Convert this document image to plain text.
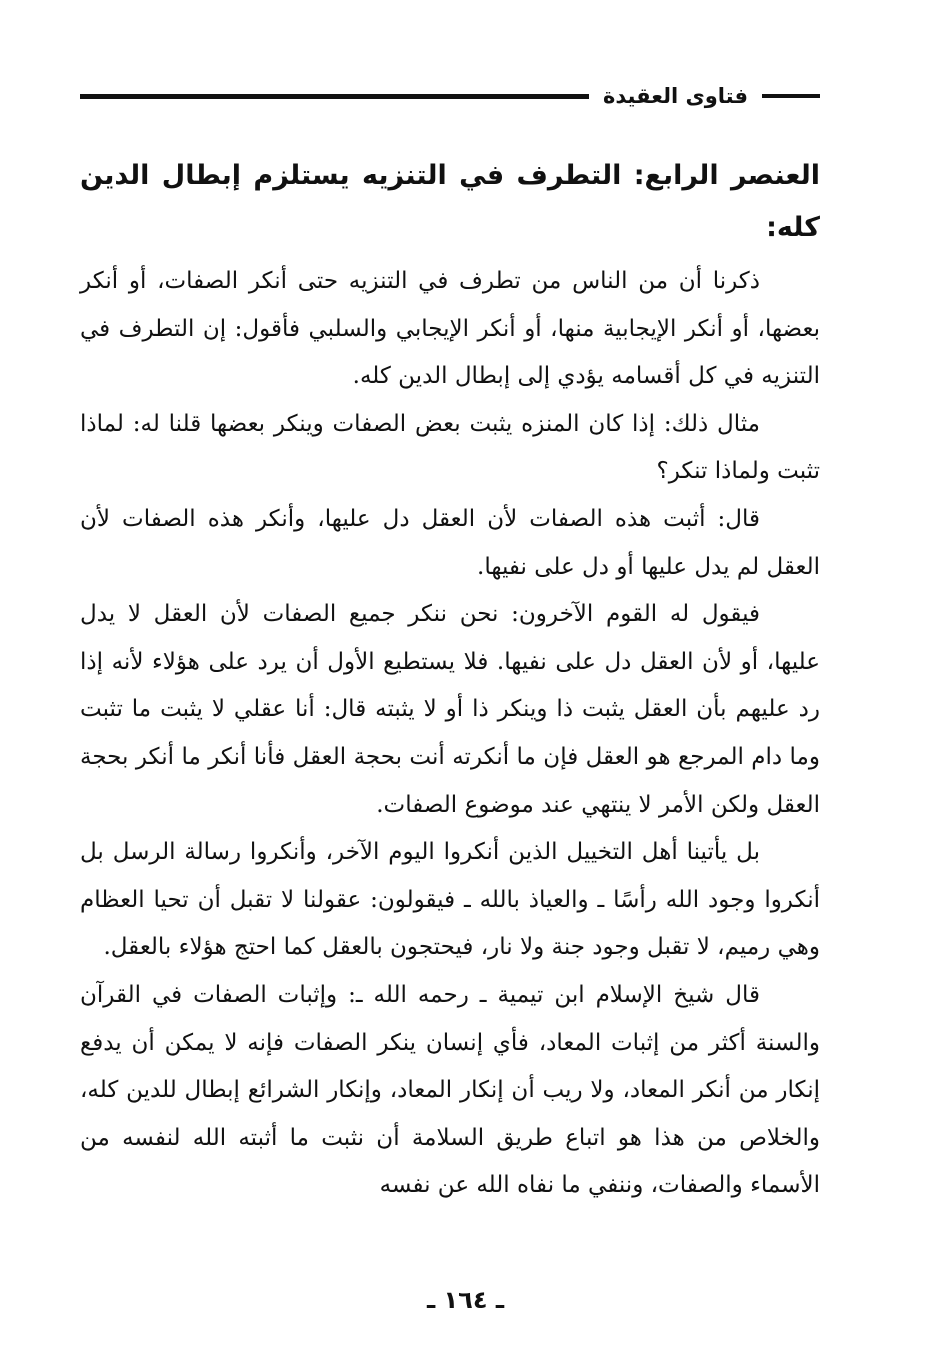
فتاوى العقيدة
العنصر الرابع: التطرف في التنزيه يستلزم إبطال الدين كله:

ذكرنا أن من الناس من تطرف في التنزيه حتى أنكر الصفات، أو أنكر بعضها، أو أنكر الإيجابية منها، أو أنكر الإيجابي والسلبي فأقول: إن التطرف في التنزيه في كل أقسامه يؤدي إلى إبطال الدين كله.

مثال ذلك: إذا كان المنزه يثبت بعض الصفات وينكر بعضها قلنا له: لماذا تثبت ولماذا تنكر؟

قال: أثبت هذه الصفات لأن العقل دل عليها، وأنكر هذه الصفات لأن العقل لم يدل عليها أو دل على نفيها.

فيقول له القوم الآخرون: نحن ننكر جميع الصفات لأن العقل لا يدل عليها، أو لأن العقل دل على نفيها. فلا يستطيع الأول أن يرد على هؤلاء لأنه إذا رد عليهم بأن العقل يثبت ذا وينكر ذا أو لا يثبته قال: أنا عقلي لا يثبت ما تثبت وما دام المرجع هو العقل فإن ما أنكرته أنت بحجة العقل فأنا أنكر ما أنكر بحجة العقل ولكن الأمر لا ينتهي عند موضوع الصفات.

بل يأتينا أهل التخييل الذين أنكروا اليوم الآخر، وأنكروا رسالة الرسل بل أنكروا وجود الله رأسًا ـ والعياذ بالله ـ فيقولون: عقولنا لا تقبل أن تحيا العظام وهي رميم، لا تقبل وجود جنة ولا نار، فيحتجون بالعقل كما احتج هؤلاء بالعقل.

قال شيخ الإسلام ابن تيمية ـ رحمه الله ـ: وإثبات الصفات في القرآن والسنة أكثر من إثبات المعاد، فأي إنسان ينكر الصفات فإنه لا يمكن أن يدفع إنكار من أنكر المعاد، ولا ريب أن إنكار المعاد، وإنكار الشرائع إبطال للدين كله، والخلاص من هذا هو اتباع طريق السلامة أن نثبت ما أثبته الله لنفسه من الأسماء والصفات، وننفي ما نفاه الله عن نفسه

ـ ١٦٤ ـ
